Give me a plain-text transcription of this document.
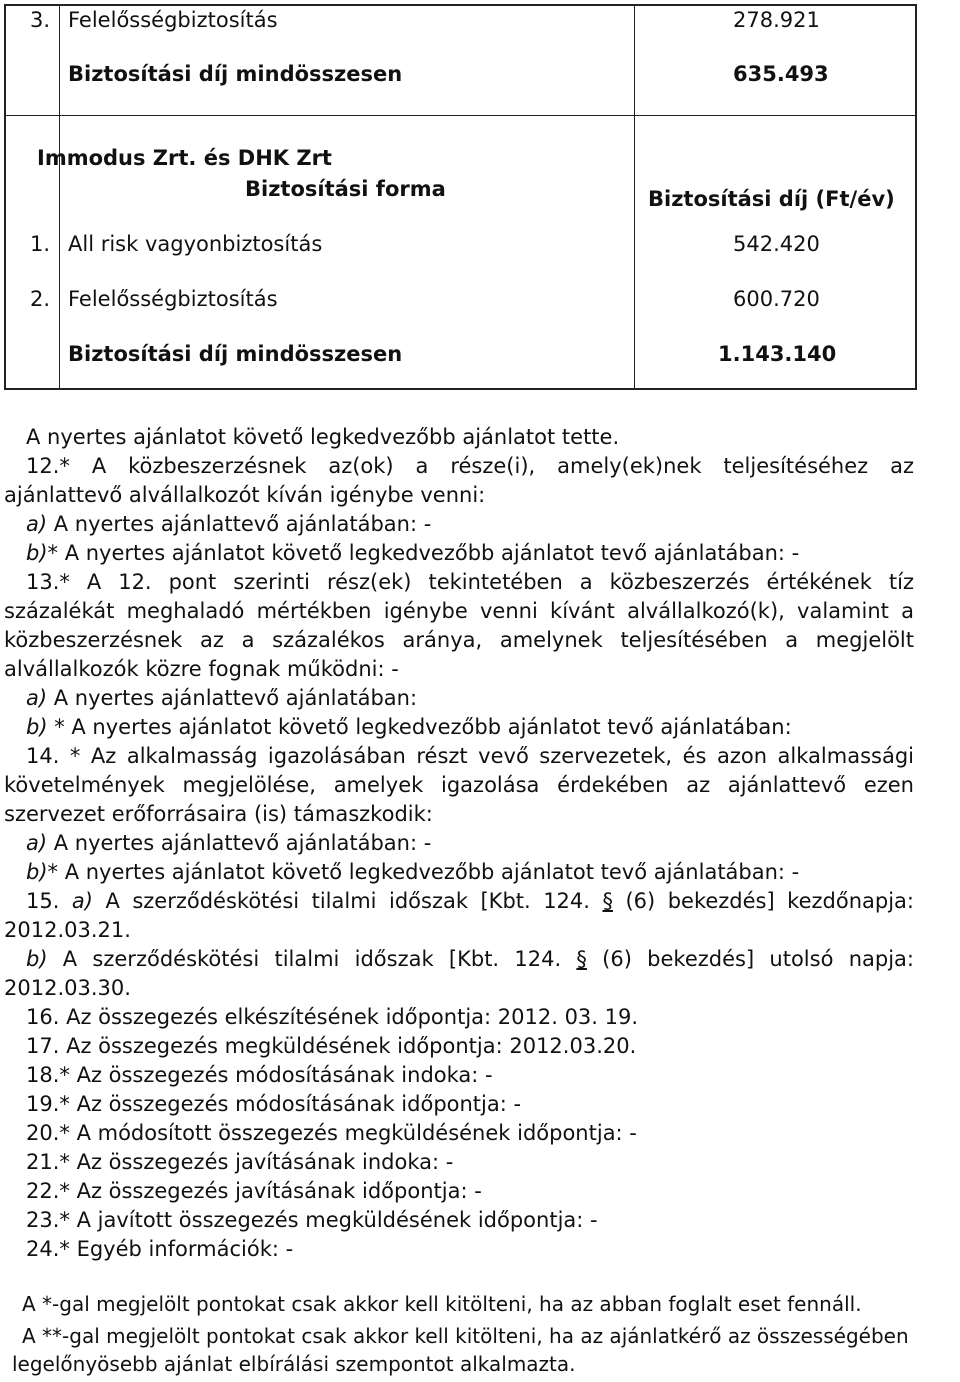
3. Felelősségbiztosítás	278.921
Biztosítási díj mindösszesen	635.493
Immodus Zrt. és DHK Zrt
Biztosítási forma	Biztosítási díj (Ft/év)
1. All risk vagyonbiztosítás	542.420
2. Felelősségbiztosítás	600.720
Biztosítási díj mindösszesen	1.143.140
A nyertes ajánlatot követő legkedvezőbb ajánlatot tette.
12.* A közbeszerzésnek az(ok) a része(i), amely(ek)nek teljesítéséhez az
ajánlattevő alvállalkozót kíván igénybe venni:
a) A nyertes ajánlattevő ajánlatában: -
b)* A nyertes ajánlatot követő legkedvezőbb ajánlatot tevő ajánlatában: -
13.* A 12. pont szerinti rész(ek) tekintetében a közbeszerzés értékének tíz
százalékát meghaladó mértékben igénybe venni kívánt alvállalkozó(k), valamint a
közbeszerzésnek az a százalékos aránya, amelynek teljesítésében a megjelölt
alvállalkozók közre fognak működni: -
a) A nyertes ajánlattevő ajánlatában:
b) * A nyertes ajánlatot követő legkedvezőbb ajánlatot tevő ajánlatában:
14. * Az alkalmasság igazolásában részt vevő szervezetek, és azon alkalmassági
követelmények megjelölése, amelyek igazolása érdekében az ajánlattevő ezen
szervezet erőforrásaira (is) támaszkodik:
a) A nyertes ajánlattevő ajánlatában: -
b)* A nyertes ajánlatot követő legkedvezőbb ajánlatot tevő ajánlatában: -
15. a) A szerződéskötési tilalmi időszak [Kbt. 124. § (6) bekezdés] kezdőnapja:
2012.03.21.
b) A szerződéskötési tilalmi időszak [Kbt. 124. § (6) bekezdés] utolsó napja:
2012.03.30.
16. Az összegezés elkészítésének időpontja: 2012. 03. 19.
17. Az összegezés megküldésének időpontja: 2012.03.20.
18.* Az összegezés módosításának indoka: -
19.* Az összegezés módosításának időpontja: -
20.* A módosított összegezés megküldésének időpontja: -
21.* Az összegezés javításának indoka: -
22.* Az összegezés javításának időpontja: -
23.* A javított összegezés megküldésének időpontja: -
24.* Egyéb információk: -
A *-gal megjelölt pontokat csak akkor kell kitölteni, ha az abban foglalt eset fennáll.
A **-gal megjelölt pontokat csak akkor kell kitölteni, ha az ajánlatkérő az összességében
legelőnyösebb ajánlat elbírálási szempontot alkalmazta.
